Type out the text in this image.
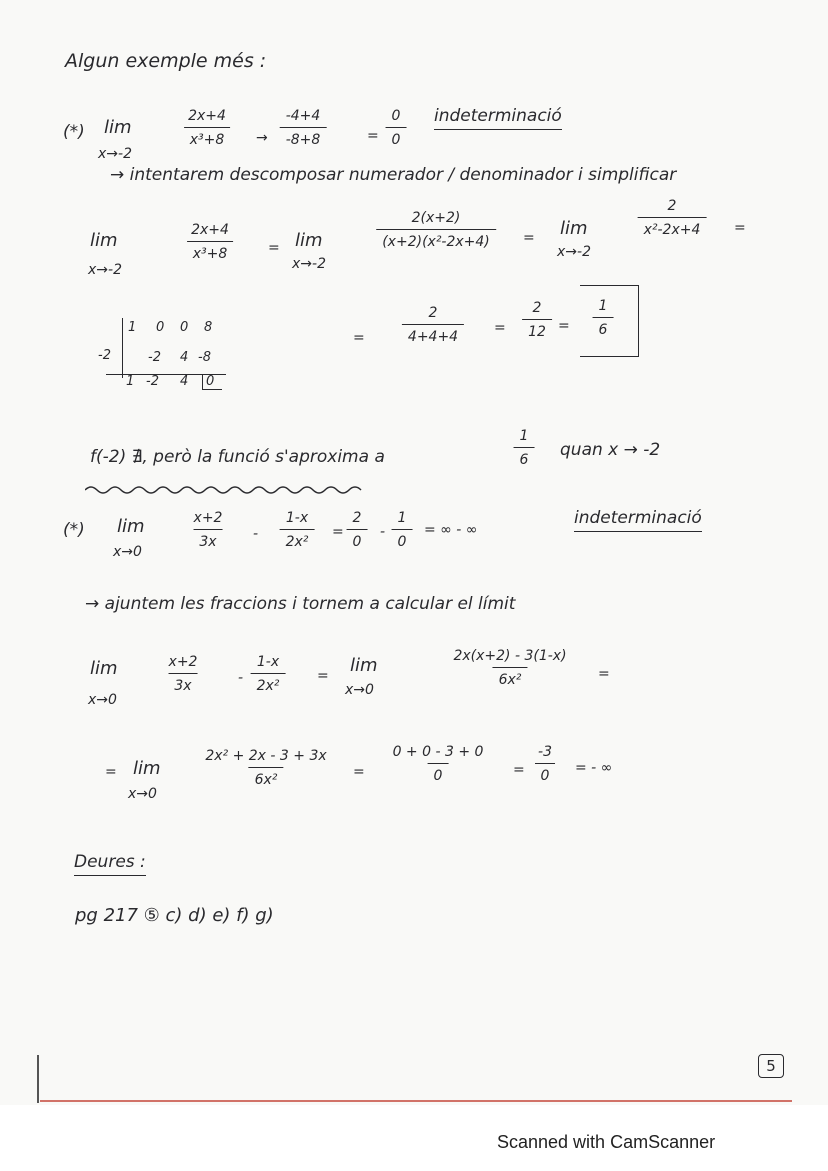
Algun exemple més :
(*) lim
x→-2
$\frac{2x+4}{\text{x³+8}} \to \frac{-4+4}{-8+8}$	= $\frac{0}{0}$ indeterminació
→ intentarem descomposar numerador / denominador i simplificar
lim
x→-2
$\frac{2x+4}{\text{x³+8}} = \lim$
x→-2
$\frac{2(x+2)}{\text{(x+2)(x²-2x+4)}} = \lim$
x→-2
$\frac{2}{\text{x²-2x+4}}$ =
1 0 0 8
-2	-2 4 -8
1 -2 4	0
=	$\frac{2}{4+4+4} = \frac{2}{12} = \frac{1}{6}$
f(-2) ∄, però la funció s'aproxima a	$\frac{1}{6}$ quan x → -2
(*) lim
x→0
$\frac{x+2}{3x} - \frac{1-x}{\text{2x²}} = \frac{2}{0} - \frac{1}{0}$ = ∞ - ∞
indeterminació
→ ajuntem les fraccions i tornem a calcular el límit
lim
x→0
$\frac{x+2}{3x} - \frac{1-x}{\text{2x²}} = \lim$
x→0
$\frac{2x(x+2) - 3(1-x)}{\text{6x²}}$ =
= lim
x→0
$\frac{\text{2x² + 2x - 3 + 3x}}{\text{6x²}} = \frac{0 + 0 - 3 + 0}{0} = \frac{-3}{0}$ = - ∞
Deures :
pg 217 ⑤ c) d) e) f) g)
5
Scanned with CamScanner
